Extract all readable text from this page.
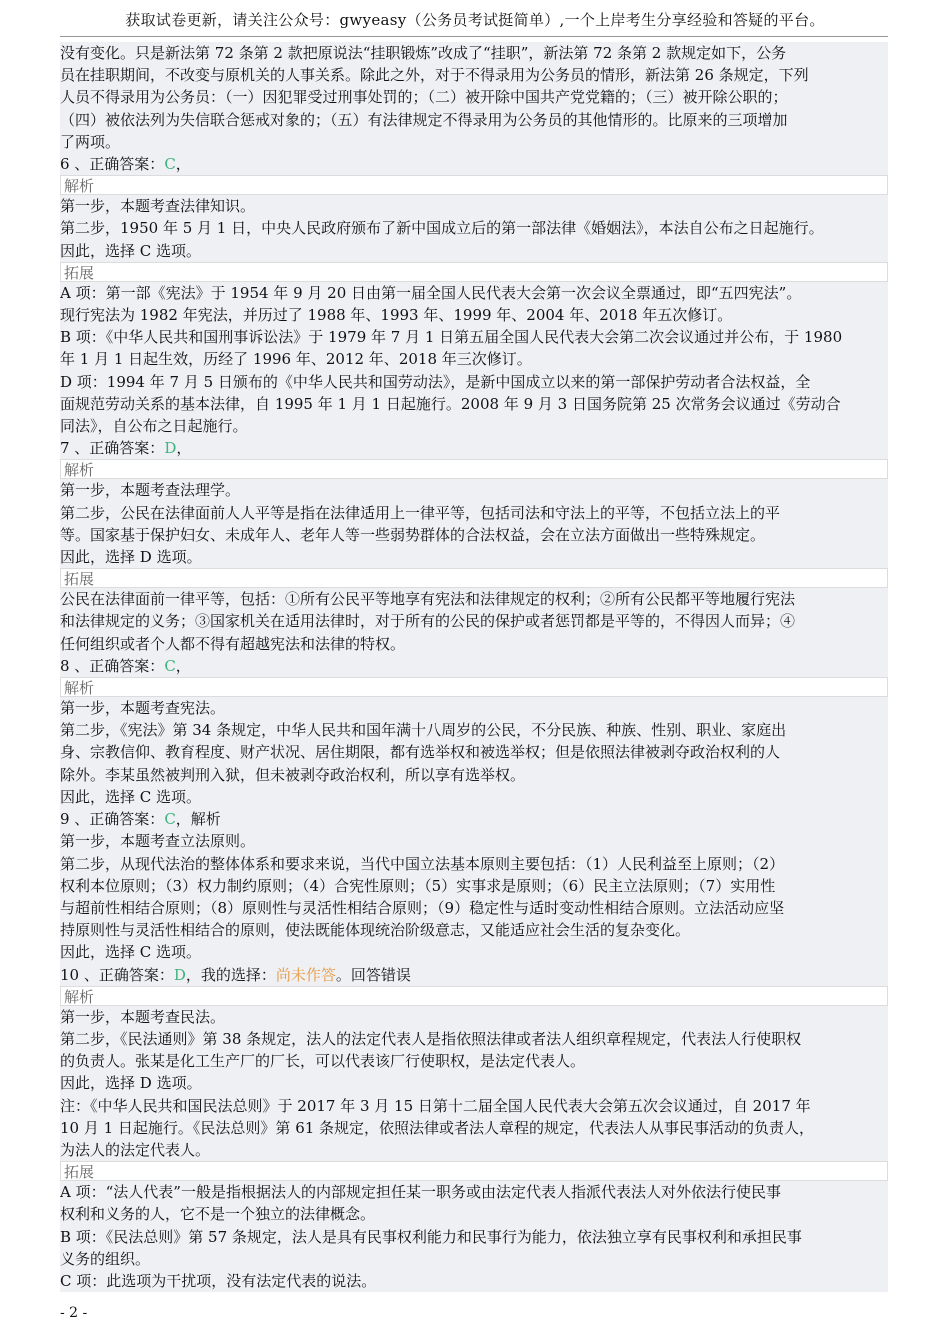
获取试卷更新，请关注公众号：gwyeasy（公务员考试挺简单）,一个上岸考生分享经验和答疑的平台。
没有变化。只是新法第 72 条第 2 款把原说法“挂职锻炼”改成了“挂职”，新法第 72 条第 2 款规定如下，公务
员在挂职期间，不改变与原机关的人事关系。除此之外，对于不得录用为公务员的情形，新法第 26 条规定，下列
人员不得录用为公务员：（一）因犯罪受过刑事处罚的；（二）被开除中国共产党党籍的；（三）被开除公职的；
（四）被依法列为失信联合惩戒对象的；（五）有法律规定不得录用为公务员的其他情形的。比原来的三项增加
了两项。
6 、正确答案：C，
解析
第一步，本题考查法律知识。
第二步，1950 年 5 月 1 日，中央人民政府颁布了新中国成立后的第一部法律《婚姻法》，本法自公布之日起施行。
因此，选择 C 选项。
拓展
A 项：第一部《宪法》于 1954 年 9 月 20 日由第一届全国人民代表大会第一次会议全票通过，即“五四宪法”。
现行宪法为 1982 年宪法，并历过了 1988 年、1993 年、1999 年、2004 年、2018 年五次修订。
B 项：《中华人民共和国刑事诉讼法》于 1979 年 7 月 1 日第五届全国人民代表大会第二次会议通过并公布，于 1980
年 1 月 1 日起生效，历经了 1996 年、2012 年、2018 年三次修订。
D 项：1994 年 7 月 5 日颁布的《中华人民共和国劳动法》，是新中国成立以来的第一部保护劳动者合法权益，全
面规范劳动关系的基本法律，自 1995 年 1 月 1 日起施行。2008 年 9 月 3 日国务院第 25 次常务会议通过《劳动合
同法》，自公布之日起施行。
7 、正确答案：D，
解析
第一步，本题考查法理学。
第二步，公民在法律面前人人平等是指在法律适用上一律平等，包括司法和守法上的平等，不包括立法上的平
等。国家基于保护妇女、未成年人、老年人等一些弱势群体的合法权益，会在立法方面做出一些特殊规定。
因此，选择 D 选项。
拓展
公民在法律面前一律平等，包括：①所有公民平等地享有宪法和法律规定的权利；②所有公民都平等地履行宪法
和法律规定的义务；③国家机关在适用法律时，对于所有的公民的保护或者惩罚都是平等的，不得因人而异；④
任何组织或者个人都不得有超越宪法和法律的特权。
8 、正确答案：C，
解析
第一步，本题考查宪法。
第二步，《宪法》第 34 条规定，中华人民共和国年满十八周岁的公民，不分民族、种族、性别、职业、家庭出
身、宗教信仰、教育程度、财产状况、居住期限，都有选举权和被选举权；但是依照法律被剥夺政治权利的人
除外。李某虽然被判刑入狱，但未被剥夺政治权利，所以享有选举权。
因此，选择 C 选项。
9 、正确答案：C，解析
第一步，本题考查立法原则。
第二步，从现代法治的整体体系和要求来说，当代中国立法基本原则主要包括：（1）人民利益至上原则；（2）
权利本位原则；（3）权力制约原则；（4）合宪性原则；（5）实事求是原则；（6）民主立法原则；（7）实用性
与超前性相结合原则；（8）原则性与灵活性相结合原则；（9）稳定性与适时变动性相结合原则。立法活动应坚
持原则性与灵活性相结合的原则，使法既能体现统治阶级意志，又能适应社会生活的复杂变化。
因此，选择 C 选项。
10 、正确答案：D，我的选择：尚未作答。回答错误
解析
第一步，本题考查民法。
第二步，《民法通则》第 38 条规定，法人的法定代表人是指依照法律或者法人组织章程规定，代表法人行使职权
的负责人。张某是化工生产厂的厂长，可以代表该厂行使职权，是法定代表人。
因此，选择 D 选项。
注：《中华人民共和国民法总则》于 2017 年 3 月 15 日第十二届全国人民代表大会第五次会议通过，自 2017 年
10 月 1 日起施行。《民法总则》第 61 条规定，依照法律或者法人章程的规定，代表法人从事民事活动的负责人，
为法人的法定代表人。
拓展
A 项：“法人代表”一般是指根据法人的内部规定担任某一职务或由法定代表人指派代表法人对外依法行使民事
权利和义务的人，它不是一个独立的法律概念。
B 项：《民法总则》第 57 条规定，法人是具有民事权利能力和民事行为能力，依法独立享有民事权利和承担民事
义务的组织。
C 项：此选项为干扰项，没有法定代表的说法。
- 2 -
